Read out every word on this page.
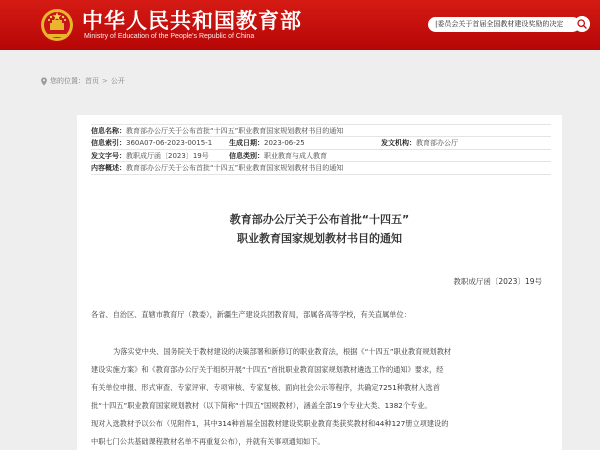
中华人民共和国教育部
Ministry of Education of the People's Republic of China
|委员会关于首届全国教材建设奖励的决定
您的位置： 首页 > 公开
信息名称：教育部办公厅关于公布首批“十四五”职业教育国家规划教材书目的通知
信息索引：360A07-06-2023-0015-1 生成日期：2023-06-25	发文机构：教育部办公厅
发文字号：教职成厅函〔2023〕19号	信息类别：职业教育与成人教育
内容概述：教育部办公厅关于公布首批“十四五”职业教育国家规划教材书目的通知
教育部办公厅关于公布首批“十四五”
职业教育国家规划教材书目的通知
教职成厅函〔2023〕19号
各省、自治区、直辖市教育厅（教委），新疆生产建设兵团教育局，部属各高等学校，有关直属单位：
为落实党中央、国务院关于教材建设的决策部署和新修订的职业教育法，根据《“十四五”职业教育规划教材
建设实施方案》和《教育部办公厅关于组织开展“十四五”首批职业教育国家规划教材遴选工作的通知》要求，经
有关单位申报、形式审查、专家评审、专项审核、专家复核、面向社会公示等程序，共确定7251种教材入选首
批“十四五”职业教育国家规划教材（以下简称“十四五”国规教材），涵盖全部19个专业大类、1382个专业。
现对入选教材予以公布（见附件1，其中314种首届全国教材建设奖职业教育类获奖教材和44种127册立项建设的
中职七门公共基础课程教材名单不再重复公布），并就有关事项通知如下。
